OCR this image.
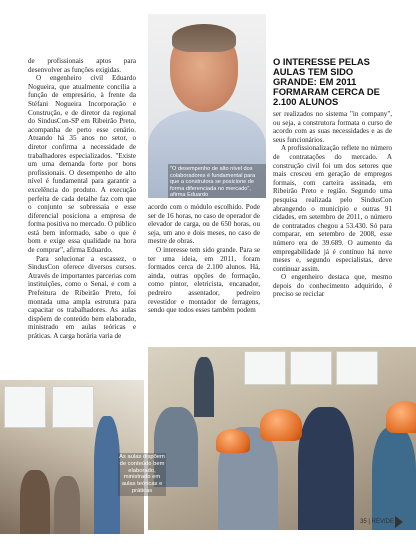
de profissionais aptos para desenvolver as funções exigidas.

O engenheiro civil Eduardo Nogueira, que atualmente concilia a função de empresário, à frente da Stéfani Nogueira Incorporação e Construção, e de diretor da regional do SindusCon-SP em Ribeirão Preto, acompanha de perto esse cenário. Atuando há 35 anos no setor, o diretor confirma a necessidade de trabalhadores especializados. "Existe um uma demanda forte por bons profissionais. O desempenho de alto nível é fundamental para garantir a excelência do produto. A execução perfeita de cada detalhe faz com que o conjunto se sobressaia e esse diferencial posiciona a empresa de forma positiva no mercado. O público está bem informado, sabe o que é bom e exige essa qualidade na hora de comprar", afirma Eduardo.

Para solucionar a escassez, o SindusCon oferece diversos cursos. Através de importantes parcerias com instituições, como o Senai, e com a Prefeitura de Ribeirão Preto, foi montada uma ampla estrutura para capacitar os trabalhadores. As aulas dispõem de conteúdo bem elaborado, ministrado em aulas teóricas e práticas. A carga horária varia de

"O desempenho de alto nível dos colaboradores é fundamental para que a construtora se posicione de forma diferenciada no mercado", afirma Eduardo

acordo com o módulo escolhido. Pode ser de 16 horas, no caso de operador de elevador de carga, ou de 650 horas, ou seja, um ano e dois meses, no caso de mestre de obras.

O interesse tem sido grande. Para se ter uma ideia, em 2011, foram formados cerca de 2.100 alunos. Há, ainda, outras opções de formação, como pintor, eletricista, encanador, pedreiro assentador, pedreiro revestidor e montador de ferragens, sendo que todos esses também podem

O INTERESSE PELAS AULAS TEM SIDO GRANDE: EM 2011 FORMARAM CERCA DE 2.100 ALUNOS

ser realizados no sistema "in company", ou seja, a construtora formata o curso de acordo com as suas necessidades e as de seus funcionários.

A profissionalização reflete no número de contratações do mercado. A construção civil foi um dos setores que mais cresceu em geração de empregos formais, com carteira assinada, em Ribeirão Preto e região. Segundo uma pesquisa realizada pelo SindusCon abrangendo o município e outras 91 cidades, em setembro de 2011, o número de contratados chegou a 53.430. Só para comparar, em setembro de 2008, esse número era de 39.689. O aumento da empregabilidade já é contínuo há nove meses e, segundo especialistas, deve continuar assim.

O engenheiro destaca que, mesmo depois do conhecimento adquirido, é preciso se reciclar

As aulas dispõem de conteúdo bem elaborado, ministrado em aulas teóricas e práticas
35 | REVIDE
